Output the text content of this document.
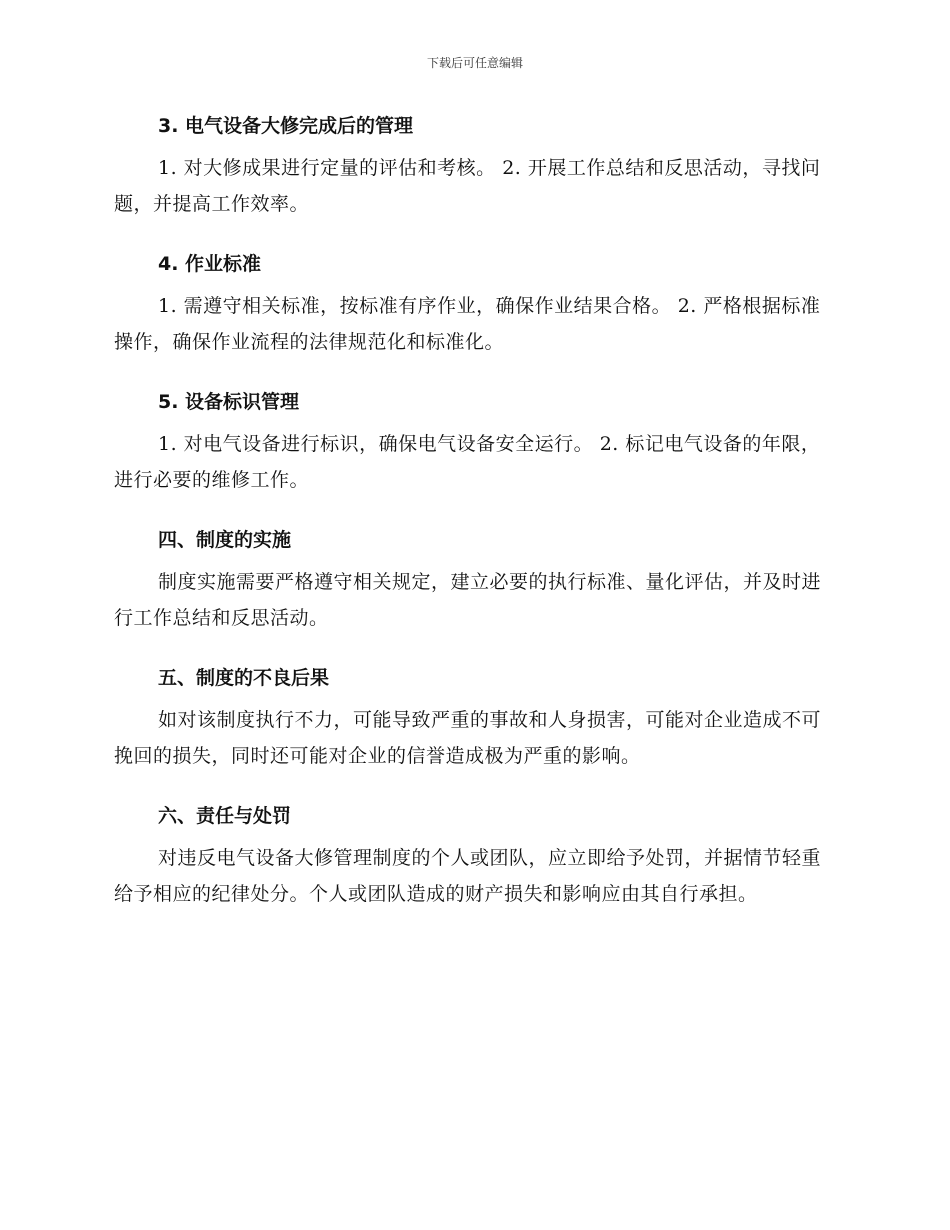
下载后可任意编辑
3. 电气设备大修完成后的管理

1. 对大修成果进行定量的评估和考核。 2. 开展工作总结和反思活动，寻找问题，并提高工作效率。

4. 作业标准

1. 需遵守相关标准，按标准有序作业，确保作业结果合格。 2. 严格根据标准操作，确保作业流程的法律规范化和标准化。

5. 设备标识管理

1. 对电气设备进行标识，确保电气设备安全运行。 2. 标记电气设备的年限，进行必要的维修工作。

四、制度的实施

制度实施需要严格遵守相关规定，建立必要的执行标准、量化评估，并及时进行工作总结和反思活动。

五、制度的不良后果

如对该制度执行不力，可能导致严重的事故和人身损害，可能对企业造成不可挽回的损失，同时还可能对企业的信誉造成极为严重的影响。

六、责任与处罚

对违反电气设备大修管理制度的个人或团队，应立即给予处罚，并据情节轻重给予相应的纪律处分。个人或团队造成的财产损失和影响应由其自行承担。
